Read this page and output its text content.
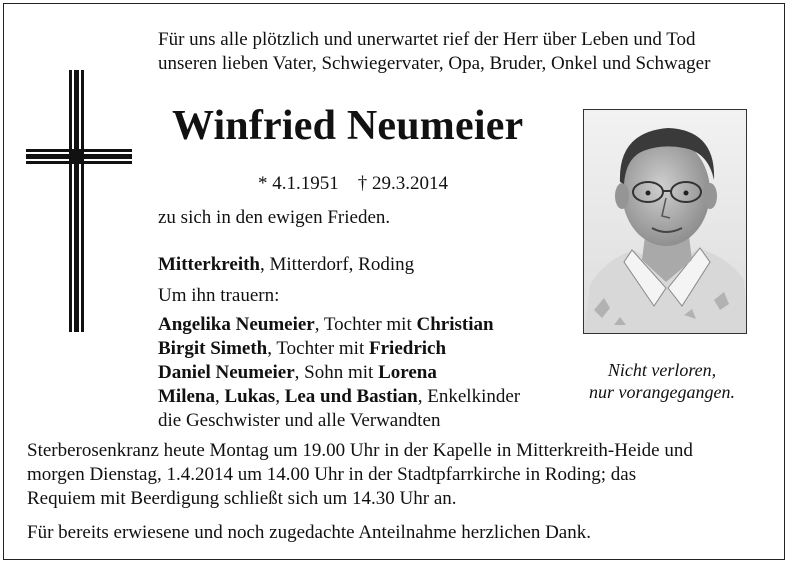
Für uns alle plötzlich und unerwartet rief der Herr über Leben und Tod
unseren lieben Vater, Schwiegervater, Opa, Bruder, Onkel und Schwager
Winfried Neumeier
* 4.1.1951 † 29.3.2014
zu sich in den ewigen Frieden.
Mitterkreith, Mitterdorf, Roding
Um ihn trauern:
Angelika Neumeier, Tochter mit Christian
Birgit Simeth, Tochter mit Friedrich
Daniel Neumeier, Sohn mit Lorena
Milena, Lukas, Lea und Bastian, Enkelkinder
die Geschwister und alle Verwandten
Nicht verloren,
nur vorangegangen.
Sterberosenkranz heute Montag um 19.00 Uhr in der Kapelle in Mitterkreith-Heide und
morgen Dienstag, 1.4.2014 um 14.00 Uhr in der Stadtpfarrkirche in Roding; das
Requiem mit Beerdigung schließt sich um 14.30 Uhr an.
Für bereits erwiesene und noch zugedachte Anteilnahme herzlichen Dank.
